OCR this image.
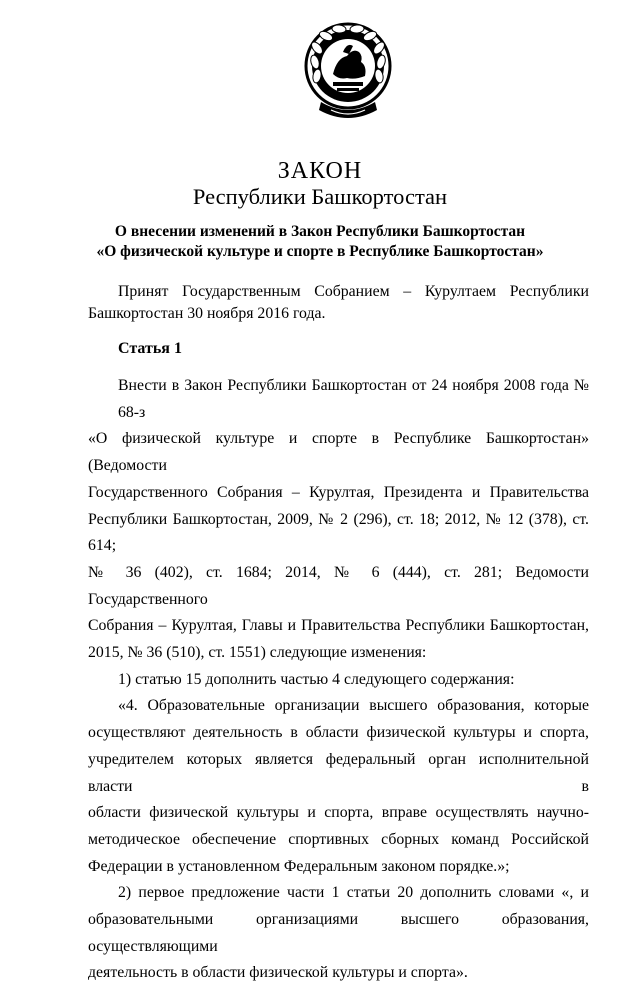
ЗАКОН
Республики Башкортостан
О внесении изменений в Закон Республики Башкортостан
«О физической культуре и спорте в Республике Башкортостан»
Принят Государственным Собранием – Курултаем Республики
Башкортостан 30 ноября 2016 года.
Статья 1
Внести в Закон Республики Башкортостан от 24 ноября 2008 года № 68-з
«О физической культуре и спорте в Республике Башкортостан» (Ведомости
Государственного Собрания – Курултая, Президента и Правительства
Республики Башкортостан, 2009, № 2 (296), ст. 18; 2012, № 12 (378), ст. 614;
№ 36 (402), ст. 1684; 2014, № 6 (444), ст. 281; Ведомости Государственного
Собрания – Курултая, Главы и Правительства Республики Башкортостан,
2015, № 36 (510), ст. 1551) следующие изменения:
1) статью 15 дополнить частью 4 следующего содержания:
«4. Образовательные организации высшего образования, которые
осуществляют деятельность в области физической культуры и спорта,
учредителем которых является федеральный орган исполнительной власти в
области физической культуры и спорта, вправе осуществлять научно-
методическое обеспечение спортивных сборных команд Российской
Федерации в установленном Федеральным законом порядке.»;
2) первое предложение части 1 статьи 20 дополнить словами «, и
образовательными организациями высшего образования, осуществляющими
деятельность в области физической культуры и спорта».
